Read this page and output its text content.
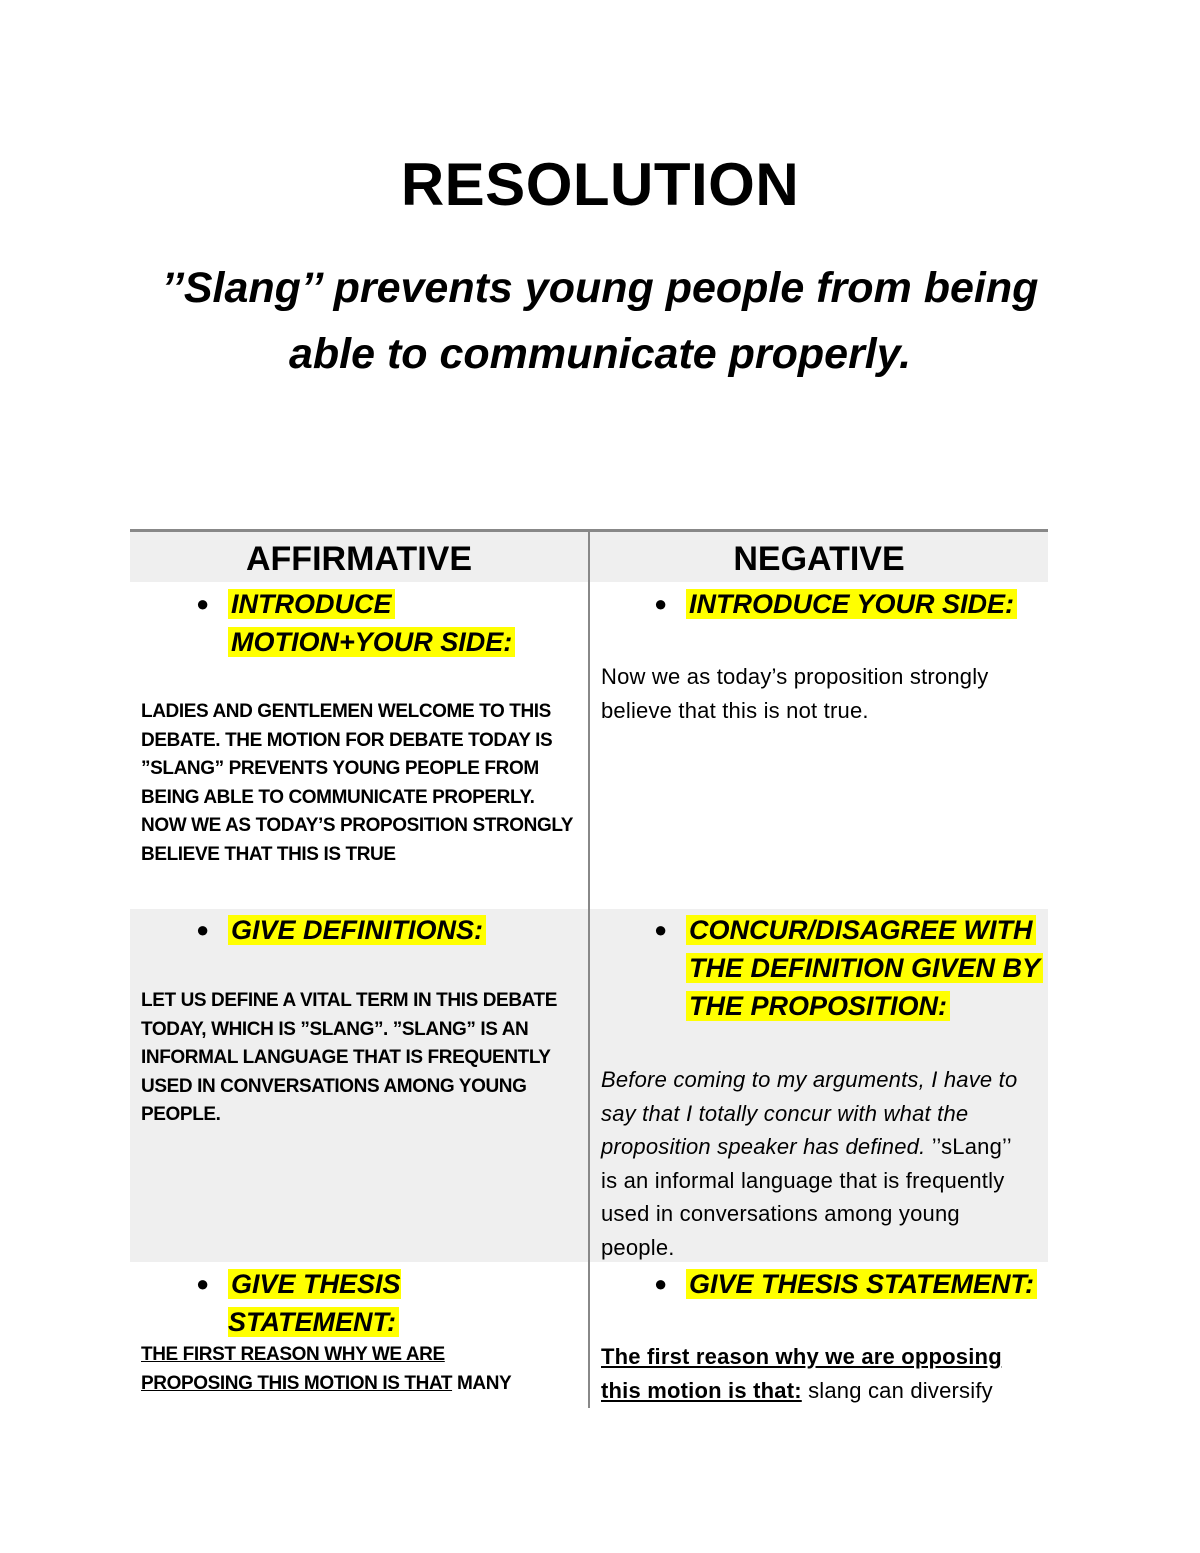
RESOLUTION
’’Slang’’ prevents young people from being
able to communicate properly.
AFFIRMATIVE	NEGATIVE
● INTRODUCE
MOTION+YOUR SIDE:
LADIES AND GENTLEMEN WELCOME TO THIS DEBATE. THE MOTION FOR DEBATE TODAY IS ”SLANG” PREVENTS YOUNG PEOPLE FROM BEING ABLE TO COMMUNICATE PROPERLY. NOW WE AS TODAY’S PROPOSITION STRONGLY BELIEVE THAT THIS IS TRUE
● INTRODUCE YOUR SIDE:
Now we as today’s proposition strongly believe that this is not true.
● GIVE DEFINITIONS:
LET US DEFINE A VITAL TERM IN THIS DEBATE TODAY, WHICH IS ”SLANG”. ”SLANG” IS AN INFORMAL LANGUAGE THAT IS FREQUENTLY USED IN CONVERSATIONS AMONG YOUNG PEOPLE.
● CONCUR/DISAGREE WITH
THE DEFINITION GIVEN BY
THE PROPOSITION:
Before coming to my arguments, I have to say that I totally concur with what the proposition speaker has defined. ’’sLang’’ is an informal language that is frequently used in conversations among young people.
● GIVE THESIS STATEMENT:
THE FIRST REASON WHY WE ARE PROPOSING THIS MOTION IS THAT MANY
● GIVE THESIS STATEMENT:
The first reason why we are opposing this motion is that: slang can diversify
